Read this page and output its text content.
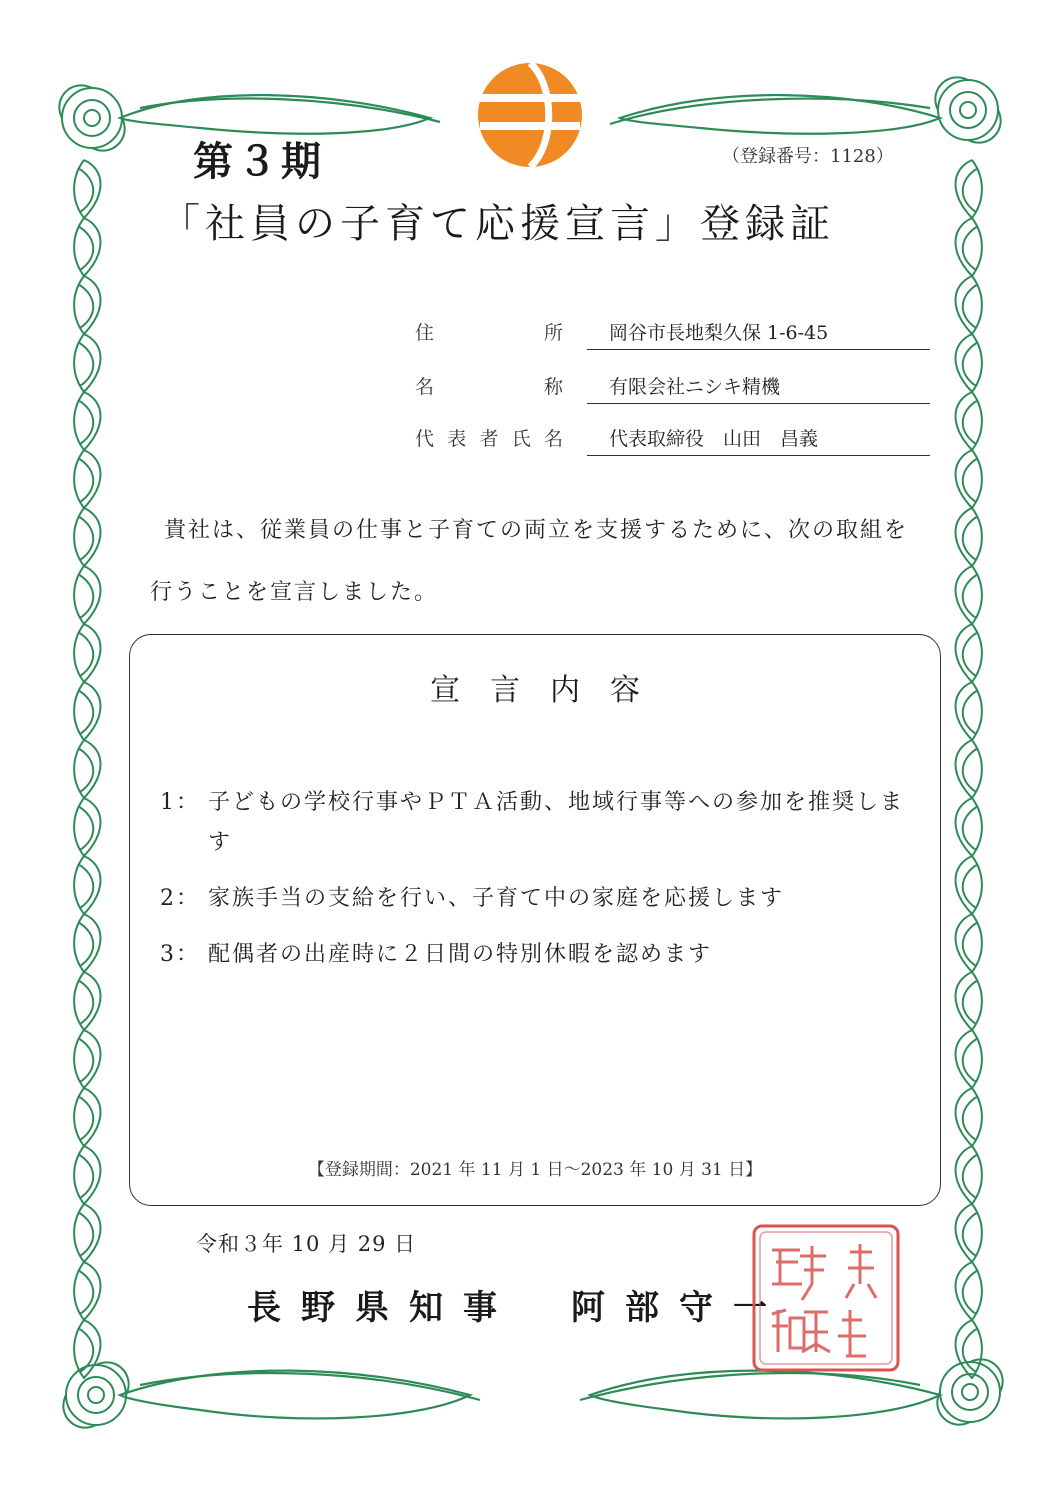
第３期	（登録番号：1128）
「社員の子育て応援宣言」登録証
住	所	岡谷市長地梨久保 1-6-45
名	称	有限会社ニシキ精機
代 表 者 氏 名	代表取締役　山田　昌義
貴社は、従業員の仕事と子育ての両立を支援するために、次の取組を
行うことを宣言しました。
宣言内容
1： 子どもの学校行事やＰＴＡ活動、地域行事等への参加を推奨します
2： 家族手当の支給を行い、子育て中の家庭を応援します
3： 配偶者の出産時に２日間の特別休暇を認めます
【登録期間：2021 年 11 月 1 日～2023 年 10 月 31 日】
令和３年 10 月 29 日
長野県知事　阿部守一
